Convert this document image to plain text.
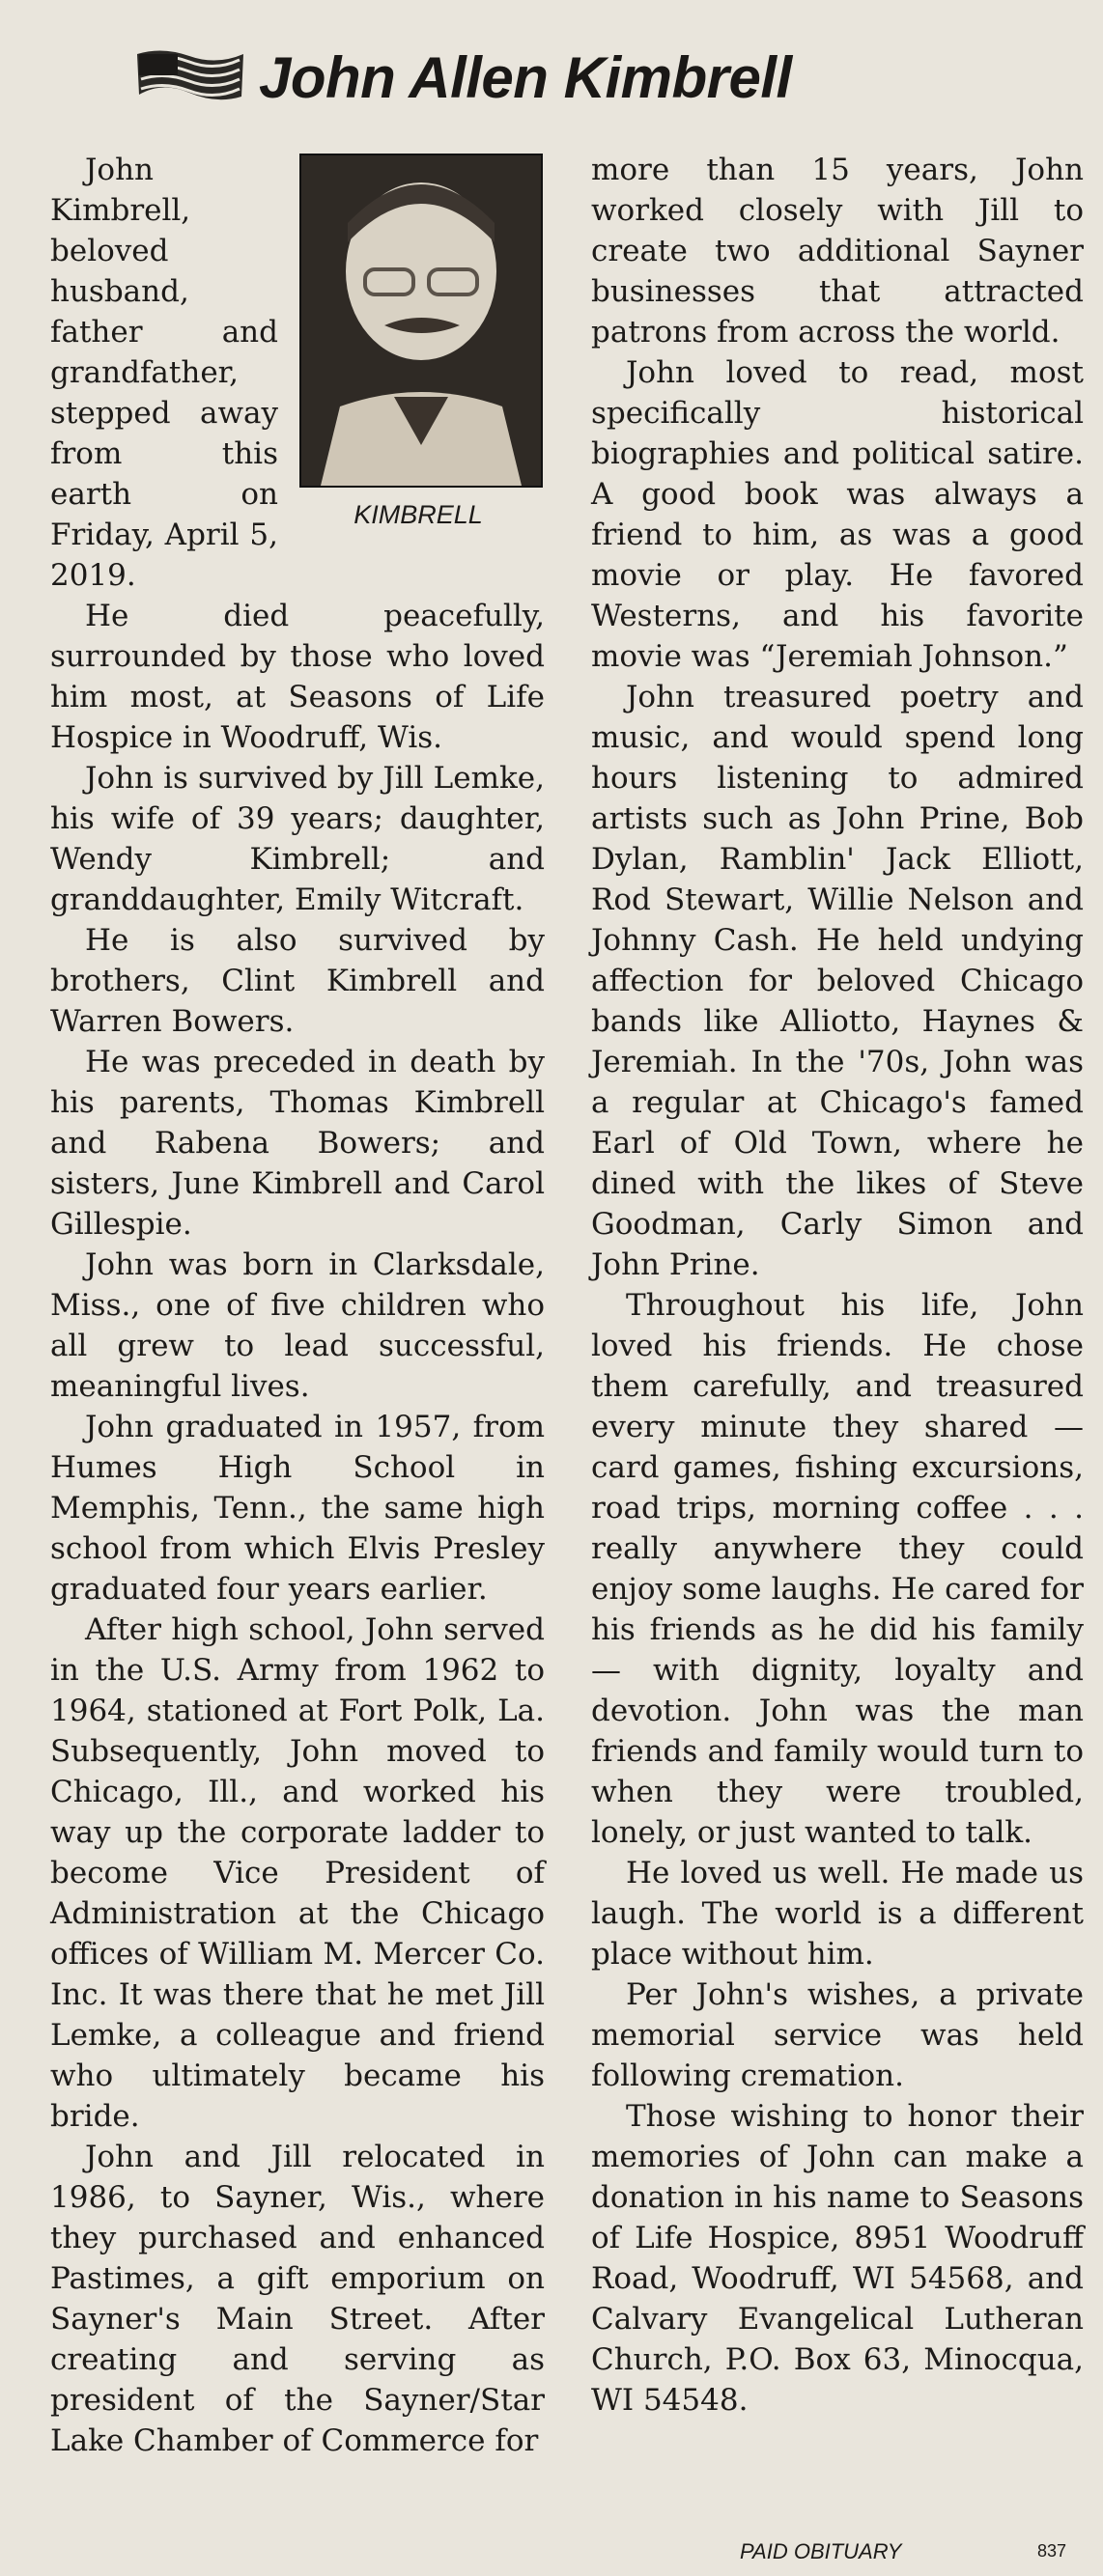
John Allen Kimbrell
KIMBRELL

John Kimbrell, beloved husband, father and grandfather, stepped away from this earth on Friday, April 5, 2019.

He died peacefully, surrounded by those who loved him most, at Seasons of Life Hospice in Woodruff, Wis.

John is survived by Jill Lemke, his wife of 39 years; daughter, Wendy Kimbrell; and granddaughter, Emily Witcraft.

He is also survived by brothers, Clint Kimbrell and Warren Bowers.

He was preceded in death by his parents, Thomas Kimbrell and Rabena Bowers; and sisters, June Kimbrell and Carol Gillespie.

John was born in Clarksdale, Miss., one of five children who all grew to lead successful, meaningful lives.

John graduated in 1957, from Humes High School in Memphis, Tenn., the same high school from which Elvis Presley graduated four years earlier.

After high school, John served in the U.S. Army from 1962 to 1964, stationed at Fort Polk, La. Subsequently, John moved to Chicago, Ill., and worked his way up the corporate ladder to become Vice President of Administration at the Chicago offices of William M. Mercer Co. Inc. It was there that he met Jill Lemke, a colleague and friend who ultimately became his bride.

John and Jill relocated in 1986, to Sayner, Wis., where they purchased and enhanced Pastimes, a gift emporium on Sayner's Main Street. After creating and serving as president of the Sayner/Star Lake Chamber of Commerce for

more than 15 years, John worked closely with Jill to create two additional Sayner businesses that attracted patrons from across the world.

John loved to read, most specifically historical biographies and political satire. A good book was always a friend to him, as was a good movie or play. He favored Westerns, and his favorite movie was “Jeremiah Johnson.”

John treasured poetry and music, and would spend long hours listening to admired artists such as John Prine, Bob Dylan, Ramblin' Jack Elliott, Rod Stewart, Willie Nelson and Johnny Cash. He held undying affection for beloved Chicago bands like Alliotto, Haynes & Jeremiah. In the '70s, John was a regular at Chicago's famed Earl of Old Town, where he dined with the likes of Steve Goodman, Carly Simon and John Prine.

Throughout his life, John loved his friends. He chose them carefully, and treasured every minute they shared — card games, fishing excursions, road trips, morning coffee . . . really anywhere they could enjoy some laughs. He cared for his friends as he did his family — with dignity, loyalty and devotion. John was the man friends and family would turn to when they were troubled, lonely, or just wanted to talk.

He loved us well. He made us laugh. The world is a different place without him.

Per John's wishes, a private memorial service was held following cremation.

Those wishing to honor their memories of John can make a donation in his name to Seasons of Life Hospice, 8951 Woodruff Road, Woodruff, WI 54568, and Calvary Evangelical Lutheran Church, P.O. Box 63, Minocqua, WI 54548.

PAID OBITUARY	837
